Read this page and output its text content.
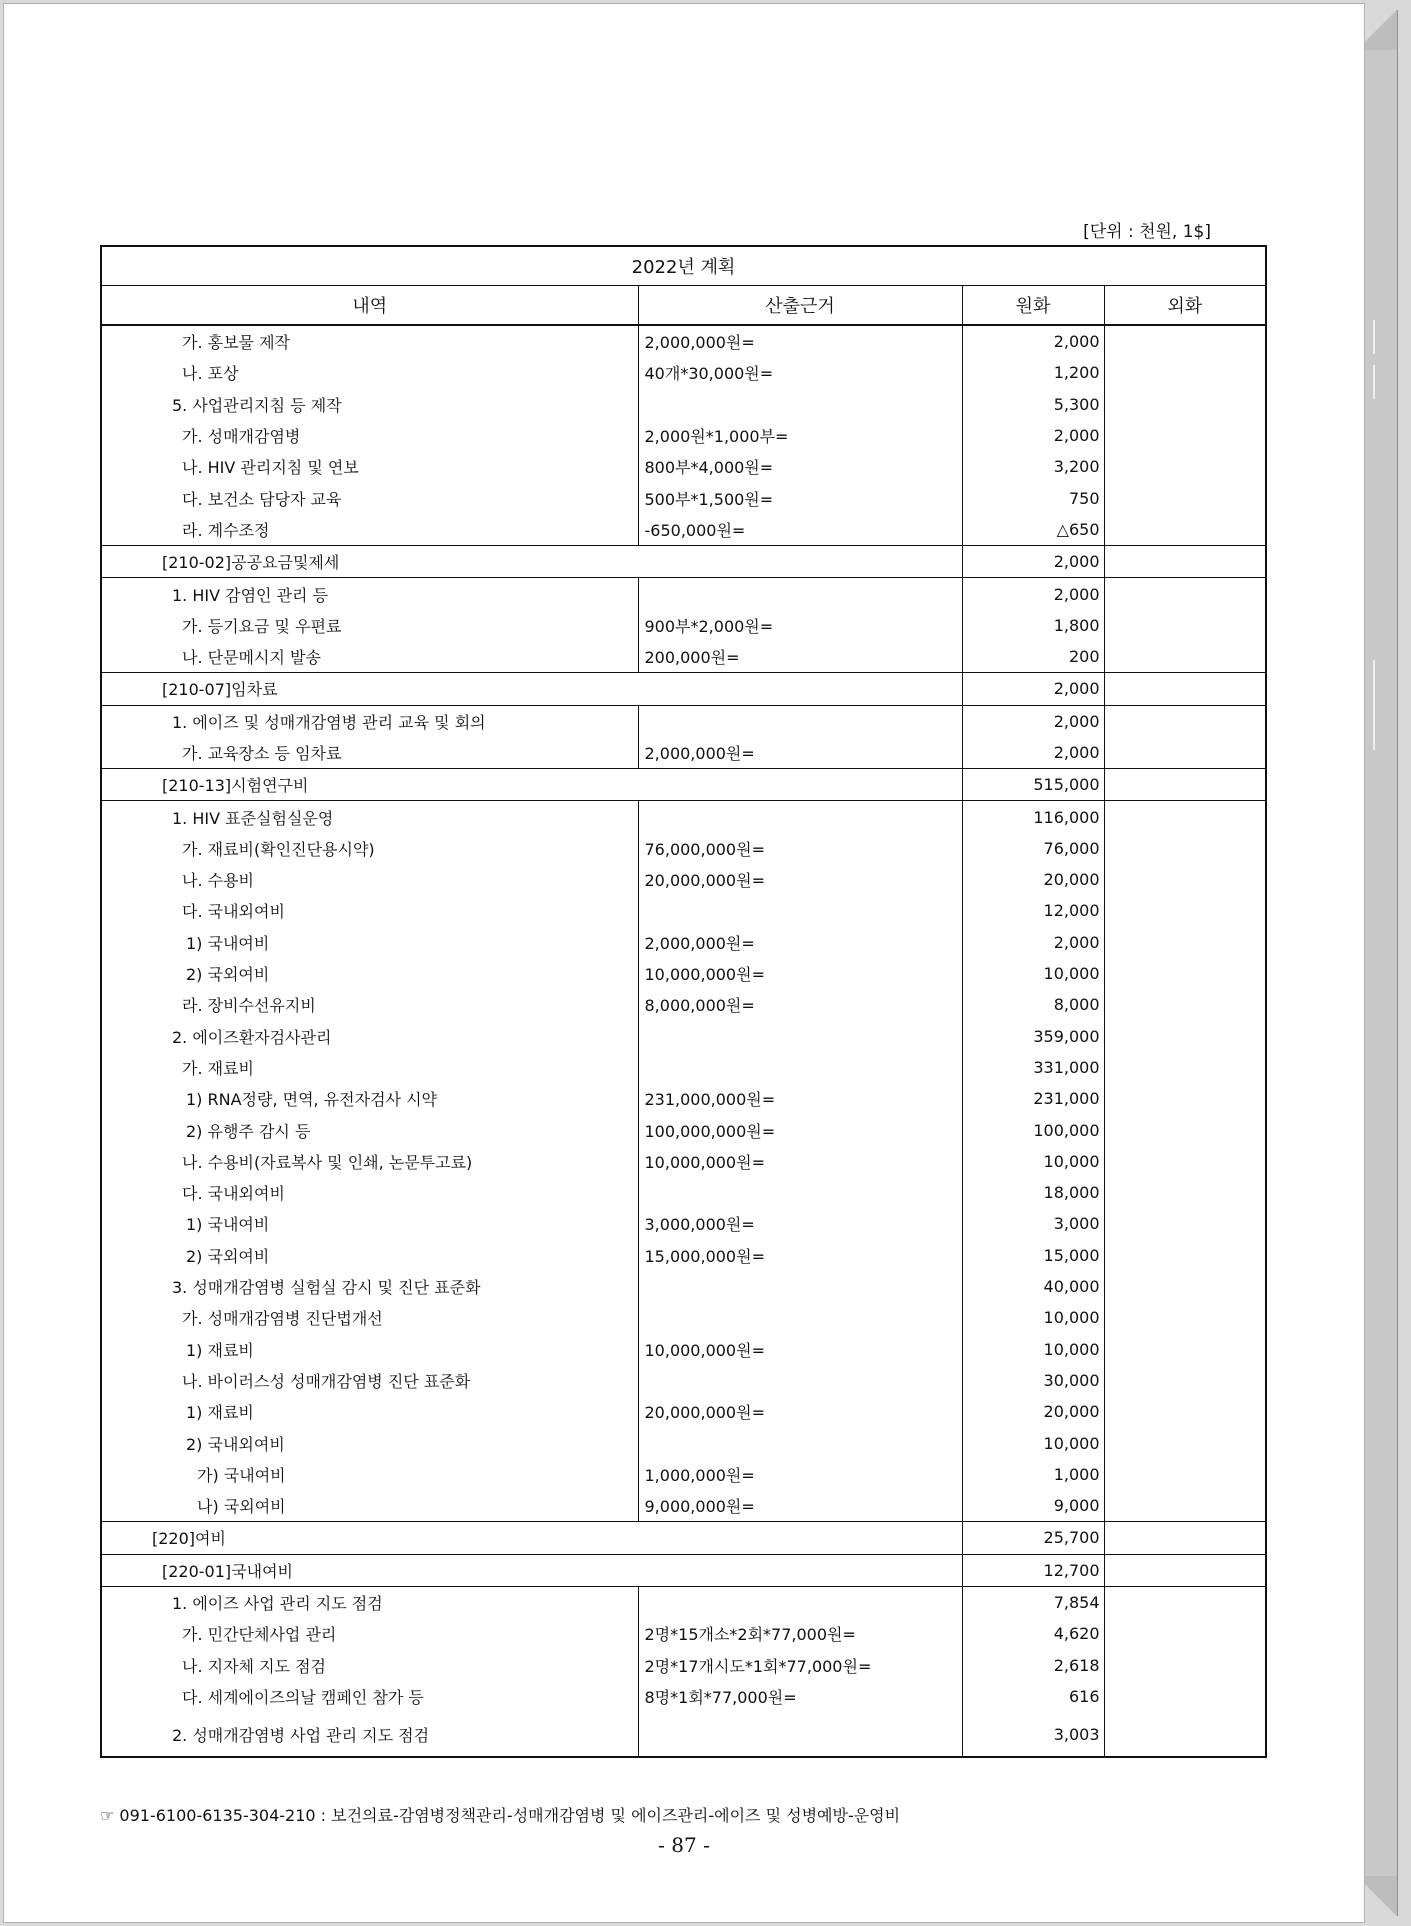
[단위 : 천원, 1$]
2022년 계획			
내역	산출근거	원화	외화
가. 홍보물 제작	2,000,000원=	2,000	
나. 포상	40개*30,000원=	1,200	
5. 사업관리지침 등 제작		5,300	
가. 성매개감염병	2,000원*1,000부=	2,000	
나. HIV 관리지침 및 연보	800부*4,000원=	3,200	
다. 보건소 담당자 교육	500부*1,500원=	750	
라. 계수조정	-650,000원=	△650	
[210-02]공공요금및제세		2,000	
1. HIV 감염인 관리 등		2,000	
가. 등기요금 및 우편료	900부*2,000원=	1,800	
나. 단문메시지 발송	200,000원=	200	
[210-07]임차료		2,000	
1. 에이즈 및 성매개감염병 관리 교육 및 회의		2,000	
가. 교육장소 등 임차료	2,000,000원=	2,000	
[210-13]시험연구비		515,000	
1. HIV 표준실험실운영		116,000	
가. 재료비(확인진단용시약)	76,000,000원=	76,000	
나. 수용비	20,000,000원=	20,000	
다. 국내외여비		12,000	
1) 국내여비	2,000,000원=	2,000	
2) 국외여비	10,000,000원=	10,000	
라. 장비수선유지비	8,000,000원=	8,000	
2. 에이즈환자검사관리		359,000	
가. 재료비		331,000	
1) RNA정량, 면역, 유전자검사 시약	231,000,000원=	231,000	
2) 유행주 감시 등	100,000,000원=	100,000	
나. 수용비(자료복사 및 인쇄, 논문투고료)	10,000,000원=	10,000	
다. 국내외여비		18,000	
1) 국내여비	3,000,000원=	3,000	
2) 국외여비	15,000,000원=	15,000	
3. 성매개감염병 실험실 감시 및 진단 표준화		40,000	
가. 성매개감염병 진단법개선		10,000	
1) 재료비	10,000,000원=	10,000	
나. 바이러스성 성매개감염병 진단 표준화		30,000	
1) 재료비	20,000,000원=	20,000	
2) 국내외여비		10,000	
가) 국내여비	1,000,000원=	1,000	
나) 국외여비	9,000,000원=	9,000	
[220]여비		25,700	
[220-01]국내여비		12,700	
1. 에이즈 사업 관리 지도 점검		7,854	
가. 민간단체사업 관리	2명*15개소*2회*77,000원=	4,620	
나. 지자체 지도 점검	2명*17개시도*1회*77,000원=	2,618	
다. 세계에이즈의날 캠페인 참가 등	8명*1회*77,000원=	616	
2. 성매개감염병 사업 관리 지도 점검		3,003	
☞ 091-6100-6135-304-210 : 보건의료-감염병정책관리-성매개감염병 및 에이즈관리-에이즈 및 성병예방-운영비
- 87 -
